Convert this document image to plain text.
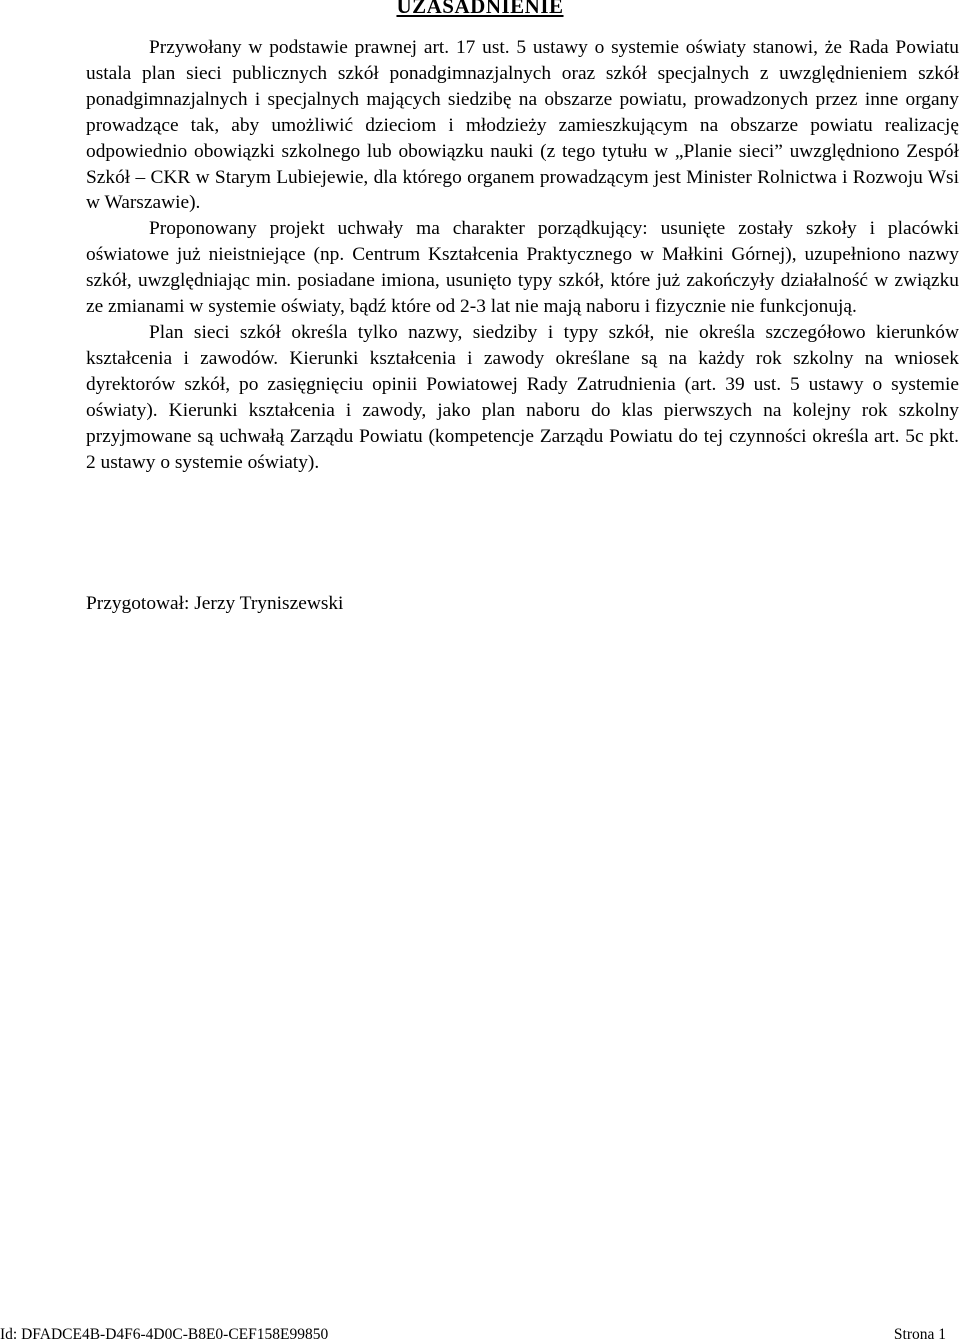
UZASADNIENIE

Przywołany w podstawie prawnej art. 17 ust. 5 ustawy o systemie oświaty stanowi, że Rada Powiatu ustala plan sieci publicznych szkół ponadgimnazjalnych oraz szkół specjalnych z uwzględnieniem szkół ponadgimnazjalnych i specjalnych mających siedzibę na obszarze powiatu, prowadzonych przez inne organy prowadzące tak, aby umożliwić dzieciom i młodzieży zamieszkującym na obszarze powiatu realizację odpowiednio obowiązki szkolnego lub obowiązku nauki (z tego tytułu w „Planie sieci” uwzględniono Zespół Szkół – CKR w Starym Lubiejewie, dla którego organem prowadzącym jest Minister Rolnictwa i Rozwoju Wsi w Warszawie).

Proponowany projekt uchwały ma charakter porządkujący: usunięte zostały szkoły i placówki oświatowe już nieistniejące (np. Centrum Kształcenia Praktycznego w Małkini Górnej), uzupełniono nazwy szkół, uwzględniając min. posiadane imiona, usunięto typy szkół, które już zakończyły działalność w związku ze zmianami w systemie oświaty, bądź które od 2-3 lat nie mają naboru i fizycznie nie funkcjonują.

Plan sieci szkół określa tylko nazwy, siedziby i typy szkół, nie określa szczegółowo kierunków kształcenia i zawodów. Kierunki kształcenia i zawody określane są na każdy rok szkolny na wniosek dyrektorów szkół, po zasięgnięciu opinii Powiatowej Rady Zatrudnienia (art. 39 ust. 5 ustawy o systemie oświaty). Kierunki kształcenia i zawody, jako plan naboru do klas pierwszych na kolejny rok szkolny przyjmowane są uchwałą Zarządu Powiatu (kompetencje Zarządu Powiatu do tej czynności określa art. 5c pkt. 2 ustawy o systemie oświaty).

Przygotował: Jerzy Tryniszewski
Id: DFADCE4B-D4F6-4D0C-B8E0-CEF158E99850	Strona 1
